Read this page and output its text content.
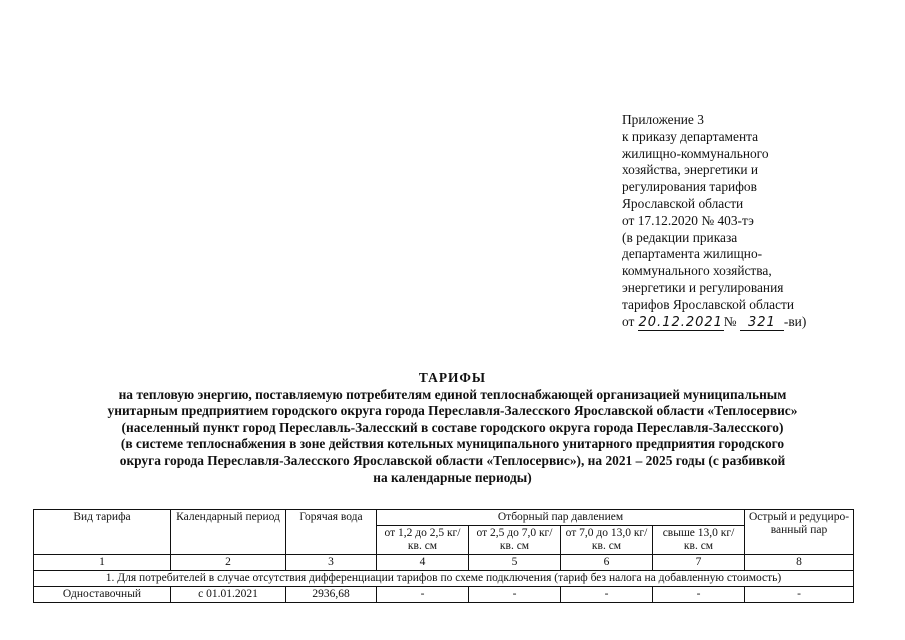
Приложение 3
к приказу департамента
жилищно-коммунального
хозяйства, энергетики и
регулирования тарифов
Ярославской области
от 17.12.2020 № 403-тэ
(в редакции приказа
департамента жилищно-
коммунального хозяйства,
энергетики и регулирования
тарифов Ярославской области
от 20.12.2021№ 321 -ви)
ТАРИФЫ
на тепловую энергию, поставляемую потребителям единой теплоснабжающей организацией муниципальным
унитарным предприятием городского округа города Переславля-Залесского Ярославской области «Теплосервис»
(населенный пункт город Переславль-Залесский в составе городского округа города Переславля-Залесского)
(в системе теплоснабжения в зоне действия котельных муниципального унитарного предприятия городского
округа города Переславля-Залесского Ярославской области «Теплосервис»), на 2021 – 2025 годы (с разбивкой
на календарные периоды)
Вид тарифа	Календарный период	Горячая вода	Отборный пар давлением				Острый и редуциро-ванный пар
			от 1,2 до 2,5 кг/ кв. см	от 2,5 до 7,0 кг/ кв. см	от 7,0 до 13,0 кг/ кв. см	свыше 13,0 кг/ кв. см	
1	2	3	4	5	6	7	8
1. Для потребителей в случае отсутствия дифференциации тарифов по схеме подключения (тариф без налога на добавленную стоимость)							
Одноставочный	с 01.01.2021	2936,68	-	-	-	-	-
